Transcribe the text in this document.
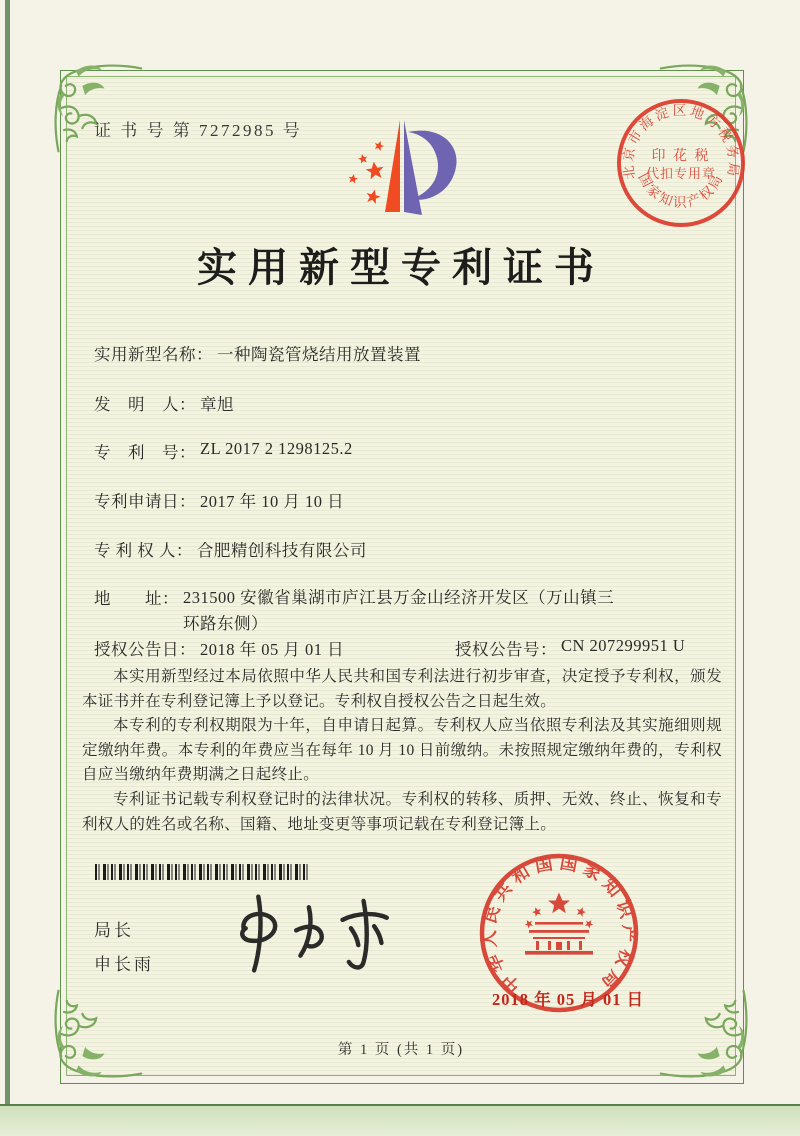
证 书 号 第 7272985 号
北京市海淀区地方税务局
国家知识产权局
印 花 税
代扣专用章
实用新型专利证书
实用新型名称： 一种陶瓷管烧结用放置装置
发　明　人： 章旭
专　利　号： ZL 2017 2 1298125.2
专利申请日： 2017 年 10 月 10 日
专 利 权 人： 合肥精创科技有限公司
地　　址： 231500 安徽省巢湖市庐江县万金山经济开发区（万山镇三环路东侧）
授权公告日： 2018 年 05 月 01 日	授权公告号： CN 207299951 U

本实用新型经过本局依照中华人民共和国专利法进行初步审查，决定授予专利权，颁发本证书并在专利登记簿上予以登记。专利权自授权公告之日起生效。

本专利的专利权期限为十年，自申请日起算。专利权人应当依照专利法及其实施细则规定缴纳年费。本专利的年费应当在每年 10 月 10 日前缴纳。未按照规定缴纳年费的，专利权自应当缴纳年费期满之日起终止。

专利证书记载专利权登记时的法律状况。专利权的转移、质押、无效、终止、恢复和专利权人的姓名或名称、国籍、地址变更等事项记载在专利登记簿上。

局长
申长雨
中华人民共和国国家知识产权局
2018 年 05 月 01 日
第 1 页 (共 1 页)
